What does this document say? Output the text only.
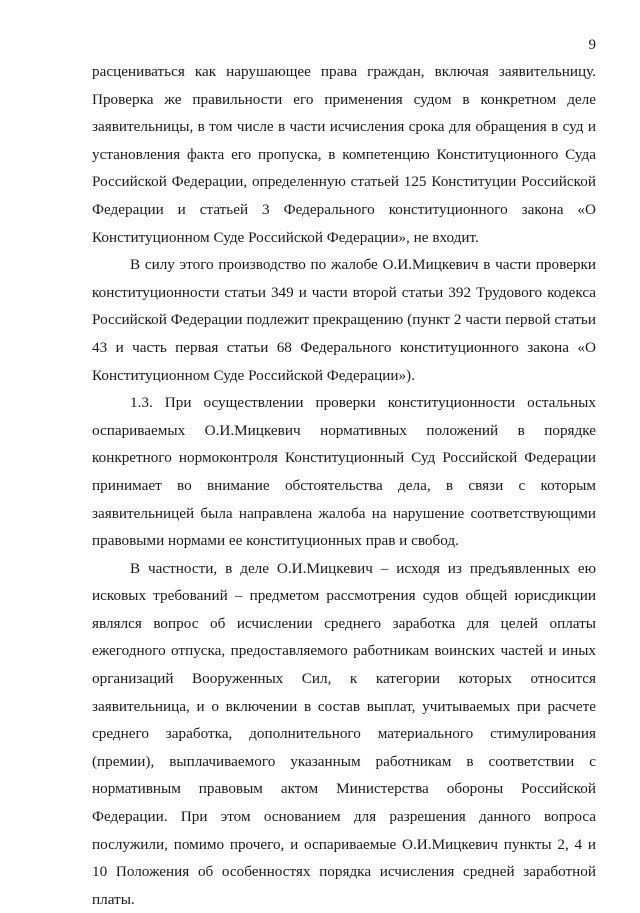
9

расцениваться как нарушающее права граждан, включая заявительницу. Проверка же правильности его применения судом в конкретном деле заявительницы, в том числе в части исчисления срока для обращения в суд и установления факта его пропуска, в компетенцию Конституционного Суда Российской Федерации, определенную статьей 125 Конституции Российской Федерации и статьей 3 Федерального конституционного закона «О Конституционном Суде Российской Федерации», не входит.

В силу этого производство по жалобе О.И.Мицкевич в части проверки конституционности статьи 349 и части второй статьи 392 Трудового кодекса Российской Федерации подлежит прекращению (пункт 2 части первой статьи 43 и часть первая статьи 68 Федерального конституционного закона «О Конституционном Суде Российской Федерации»).

1.3. При осуществлении проверки конституционности остальных оспариваемых О.И.Мицкевич нормативных положений в порядке конкретного нормоконтроля Конституционный Суд Российской Федерации принимает во внимание обстоятельства дела, в связи с которым заявительницей была направлена жалоба на нарушение соответствующими правовыми нормами ее конституционных прав и свобод.

В частности, в деле О.И.Мицкевич – исходя из предъявленных ею исковых требований – предметом рассмотрения судов общей юрисдикции являлся вопрос об исчислении среднего заработка для целей оплаты ежегодного отпуска, предоставляемого работникам воинских частей и иных организаций Вооруженных Сил, к категории которых относится заявительница, и о включении в состав выплат, учитываемых при расчете среднего заработка, дополнительного материального стимулирования (премии), выплачиваемого указанным работникам в соответствии с нормативным правовым актом Министерства обороны Российской Федерации. При этом основанием для разрешения данного вопроса послужили, помимо прочего, и оспариваемые О.И.Мицкевич пункты 2, 4 и 10 Положения об особенностях порядка исчисления средней заработной платы.
